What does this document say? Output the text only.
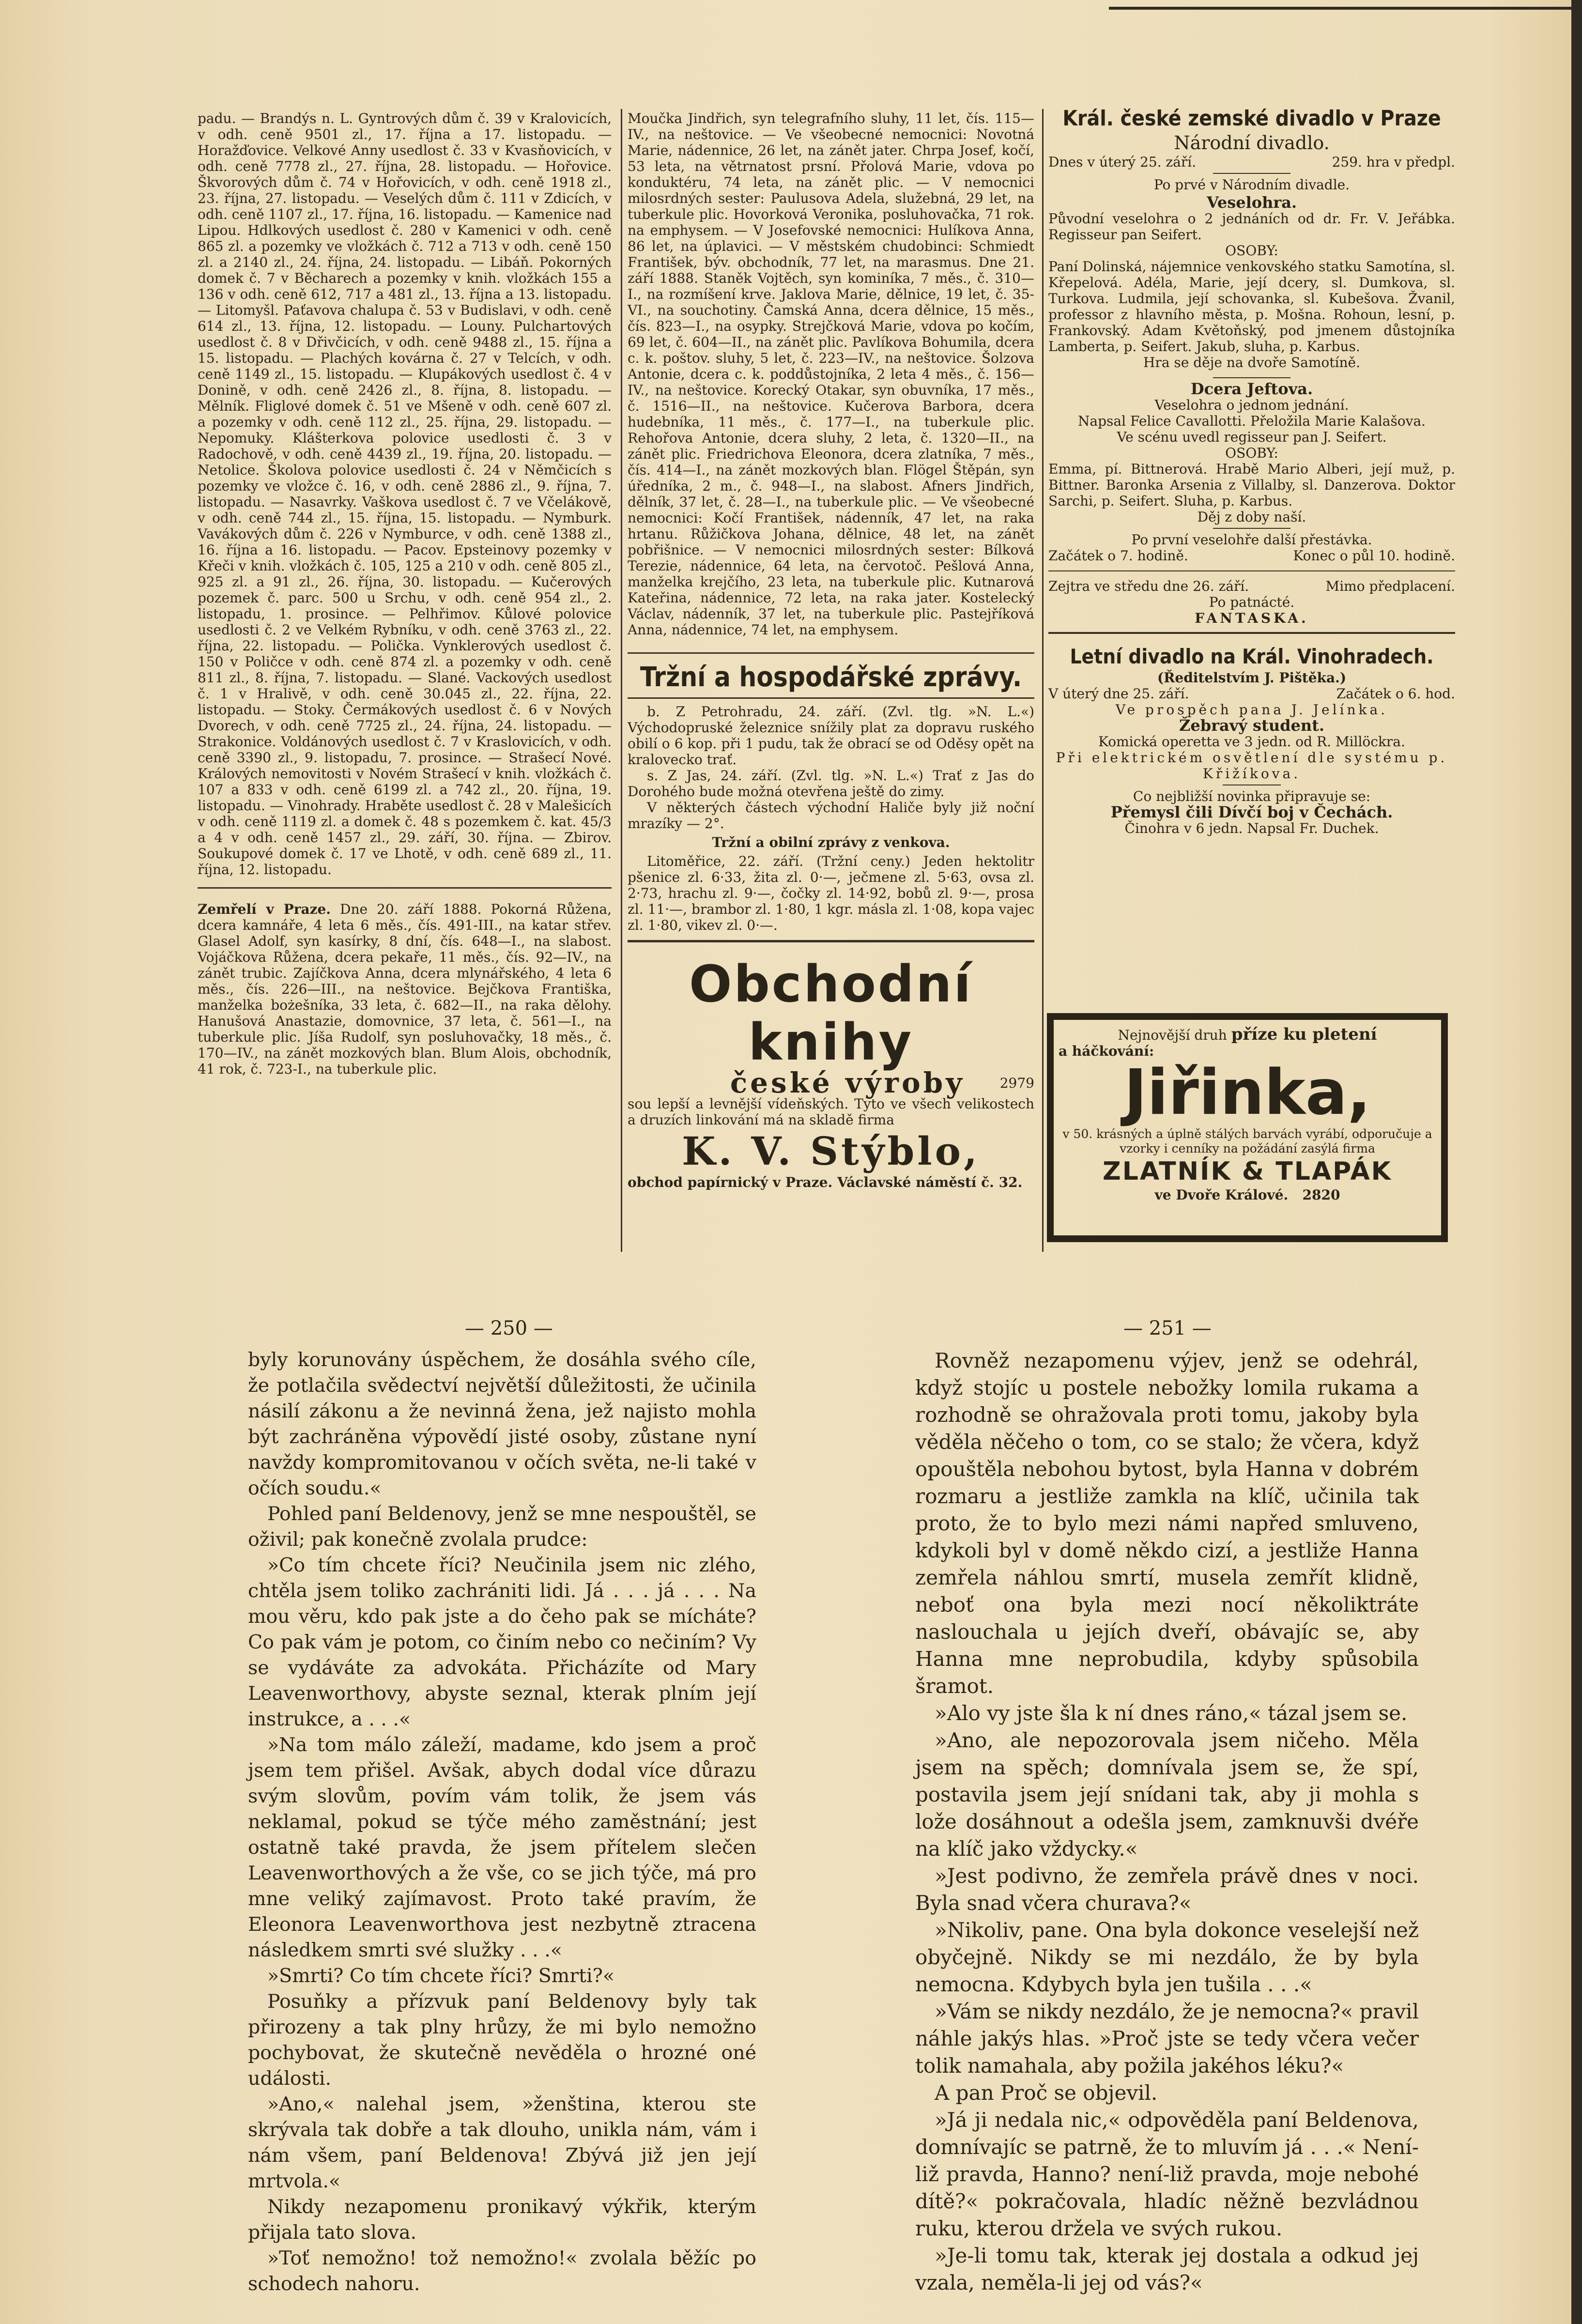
padu. — Brandýs n. L. Gyntrových dům č. 39 v Kralovicích, v odh. ceně 9501 zl., 17. října a 17. listopadu. — Horažďovice. Velkové Anny usedlost č. 33 v Kvasňovicích, v odh. ceně 7778 zl., 27. října, 28. listopadu. — Hořovice. Škvorových dům č. 74 v Hořovicích, v odh. ceně 1918 zl., 23. října, 27. listopadu. — Veselých dům č. 111 v Zdicích, v odh. ceně 1107 zl., 17. října, 16. listopadu. — Kamenice nad Lipou. Hdlkových usedlost č. 280 v Kamenici v odh. ceně 865 zl. a pozemky ve vložkách č. 712 a 713 v odh. ceně 150 zl. a 2140 zl., 24. října, 24. listopadu. — Libáň. Pokorných domek č. 7 v Běcharech a pozemky v knih. vložkách 155 a 136 v odh. ceně 612, 717 a 481 zl., 13. října a 13. listopadu. — Litomyšl. Paťavova chalupa č. 53 v Budislavi, v odh. ceně 614 zl., 13. října, 12. listopadu. — Louny. Pulchartových usedlost č. 8 v Dřivčicích, v odh. ceně 9488 zl., 15. října a 15. listopadu. — Plachých kovárna č. 27 v Telcích, v odh. ceně 1149 zl., 15. listopadu. — Klupákových usedlost č. 4 v Donině, v odh. ceně 2426 zl., 8. října, 8. listopadu. — Mělník. Fliglové domek č. 51 ve Mšeně v odh. ceně 607 zl. a pozemky v odh. ceně 112 zl., 25. října, 29. listopadu. — Nepomuky. Klášterkova polovice usedlosti č. 3 v Radochově, v odh. ceně 4439 zl., 19. října, 20. listopadu. — Netolice. Školova polovice usedlosti č. 24 v Němčicích s pozemky ve vložce č. 16, v odh. ceně 2886 zl., 9. října, 7. listopadu. — Nasavrky. Vaškova usedlost č. 7 ve Včelákově, v odh. ceně 744 zl., 15. října, 15. listopadu. — Nymburk. Vavákových dům č. 226 v Nymburce, v odh. ceně 1388 zl., 16. října a 16. listopadu. — Pacov. Epsteinovy pozemky v Křeči v knih. vložkách č. 105, 125 a 210 v odh. ceně 805 zl., 925 zl. a 91 zl., 26. října, 30. listopadu. — Kučerových pozemek č. parc. 500 u Srchu, v odh. ceně 954 zl., 2. listopadu, 1. prosince. — Pelhřimov. Kůlové polovice usedlosti č. 2 ve Velkém Rybníku, v odh. ceně 3763 zl., 22. října, 22. listopadu. — Polička. Vynklerových usedlost č. 150 v Poličce v odh. ceně 874 zl. a pozemky v odh. ceně 811 zl., 8. října, 7. listopadu. — Slané. Vackových usedlost č. 1 v Hralivě, v odh. ceně 30.045 zl., 22. října, 22. listopadu. — Stoky. Čermákových usedlost č. 6 v Nových Dvorech, v odh. ceně 7725 zl., 24. října, 24. listopadu. — Strakonice. Voldánových usedlost č. 7 v Kraslovicích, v odh. ceně 3390 zl., 9. listopadu, 7. prosince. — Strašecí Nové. Králových nemovitosti v Novém Strašecí v knih. vložkách č. 107 a 833 v odh. ceně 6199 zl. a 742 zl., 20. října, 19. listopadu. — Vinohrady. Hraběte usedlost č. 28 v Malešicích v odh. ceně 1119 zl. a domek č. 48 s pozemkem č. kat. 45/3 a 4 v odh. ceně 1457 zl., 29. září, 30. října. — Zbirov. Soukupové domek č. 17 ve Lhotě, v odh. ceně 689 zl., 11. října, 12. listopadu.
Zemřelí v Praze. Dne 20. září 1888. Pokorná Růžena, dcera kamnáře, 4 leta 6 měs., čís. 491-III., na katar střev. Glasel Adolf, syn kasírky, 8 dní, čís. 648—I., na slabost. Vojáčkova Růžena, dcera pekaře, 11 měs., čís. 92—IV., na zánět trubic. Zajíčkova Anna, dcera mlynářského, 4 leta 6 měs., čís. 226—III., na neštovice. Bejčkova Františka, manželka bożešníka, 33 leta, č. 682—II., na raka dělohy. Hanušová Anastazie, domovnice, 37 leta, č. 561—I., na tuberkule plic. Jíša Rudolf, syn posluhovačky, 18 měs., č. 170—IV., na zánět mozkových blan. Blum Alois, obchodník, 41 rok, č. 723-I., na tuberkule plic.
Moučka Jindřich, syn telegrafního sluhy, 11 let, čís. 115—IV., na neštovice. — Ve všeobecné nemocnici: Novotná Marie, nádennice, 26 let, na zánět jater. Chrpa Josef, kočí, 53 leta, na větrnatost prsní. Přolová Marie, vdova po konduktéru, 74 leta, na zánět plic. — V nemocnici milosrdných sester: Paulusova Adela, služebná, 29 let, na tuberkule plic. Hovorková Veronika, posluhovačka, 71 rok. na emphysem. — V Josefovské nemocnici: Hulíkova Anna, 86 let, na úplavici. — V městském chudobinci: Schmiedt František, býv. obchodník, 77 let, na marasmus. Dne 21. září 1888. Staněk Vojtěch, syn kominíka, 7 měs., č. 310—I., na rozmíšení krve. Jaklova Marie, dělnice, 19 let, č. 35-VI., na souchotiny. Čamská Anna, dcera dělnice, 15 měs., čís. 823—I., na osypky. Strejčková Marie, vdova po kočím, 69 let, č. 604—II., na zánět plic. Pavlíkova Bohumila, dcera c. k. poštov. sluhy, 5 let, č. 223—IV., na neštovice. Šolzova Antonie, dcera c. k. poddůstojníka, 2 leta 4 měs., č. 156—IV., na neštovice. Korecký Otakar, syn obuvníka, 17 měs., č. 1516—II., na neštovice. Kučerova Barbora, dcera hudebníka, 11 měs., č. 177—I., na tuberkule plic. Rehořova Antonie, dcera sluhy, 2 leta, č. 1320—II., na zánět plic. Friedrichova Eleonora, dcera zlatníka, 7 měs., čís. 414—I., na zánět mozkových blan. Flögel Štěpán, syn úředníka, 2 m., č. 948—I., na slabost. Afners Jindřich, dělník, 37 let, č. 28—I., na tuberkule plic. — Ve všeobecné nemocnici: Kočí František, nádenník, 47 let, na raka hrtanu. Růžičkova Johana, dělnice, 48 let, na zánět pobřišnice. — V nemocnici milosrdných sester: Bílková Terezie, nádennice, 64 leta, na červotoč. Pešlová Anna, manželka krejčího, 23 leta, na tuberkule plic. Kutnarová Kateřina, nádennice, 72 leta, na raka jater. Kostelecký Václav, nádenník, 37 let, na tuberkule plic. Pastejříková Anna, nádennice, 74 let, na emphysem.
Tržní a hospodářské zprávy.

b. Z Petrohradu, 24. září. (Zvl. tlg. »N. L.«) Východopruské železnice snížily plat za dopravu ruského obilí o 6 kop. při 1 pudu, tak že obrací se od Oděsy opět na kralovecko trať.

s. Z Jas, 24. září. (Zvl. tlg. »N. L.«) Trať z Jas do Dorohého bude možná otevřena ještě do zimy.

V některých částech východní Haliče byly již noční mrazíky — 2°.

Tržní a obilní zprávy z venkova.

Litoměřice, 22. září. (Tržní ceny.) Jeden hektolitr pšenice zl. 6·33, žita zl. 0·—, ječmene zl. 5·63, ovsa zl. 2·73, hrachu zl. 9·—, čočky zl. 14·92, bobů zl. 9·—, prosa zl. 11·—, brambor zl. 1·80, 1 kgr. másla zl. 1·08, kopa vajec zl. 1·80, vikev zl. 0·—.

Obchodní knihy
české výroby	2979
sou lepší a levnější vídeňských. Tyto ve všech velikostech a druzích linkování má na skladě firma
K. V. Stýblo,
obchod papírnický v Praze. Václavské náměstí č. 32.
Král. české zemské divadlo v Praze
Národní divadlo.
Dnes v úterý 25. září.	259. hra v předpl.
Po prvé v Národním divadle.
Veselohra.
Původní veselohra o 2 jednáních od dr. Fr. V. Jeřábka. Regisseur pan Seifert.
OSOBY:
Paní Dolinská, nájemnice venkovského statku Samotína, sl. Křepelová. Adéla, Marie, její dcery, sl. Dumkova, sl. Turkova. Ludmila, její schovanka, sl. Kubešova. Žvanil, professor z hlavního města, p. Mošna. Rohoun, lesní, p. Frankovský. Adam Květoňský, pod jmenem důstojníka Lamberta, p. Seifert. Jakub, sluha, p. Karbus.
Hra se děje na dvoře Samotíně.
Dcera Jeftova.
Veselohra o jednom jednání.
Napsal Felice Cavallotti. Přeložila Marie Kalašova.
Ve scénu uvedl regisseur pan J. Seifert.
OSOBY:
Emma, pí. Bittnerová. Hrabě Mario Alberi, její muž, p. Bittner. Baronka Arsenia z Villalby, sl. Danzerova. Doktor Sarchi, p. Seifert. Sluha, p. Karbus.
Děj z doby naší.
Po první veselohře další přestávka.
Začátek o 7. hodině.	Konec o půl 10. hodině.
Zejtra ve středu dne 26. září.	Mimo předplacení.
Po patnácté.
FANTASKA.
Letní divadlo na Král. Vinohradech.
(Ředitelstvím J. Pištěka.)
V úterý dne 25. září.	Začátek o 6. hod.
Ve prospěch pana J. Jelínka.
Žebravý student.
Komická operetta ve 3 jedn. od R. Millöckra.
Při elektrickém osvětlení dle systému p. Křižíkova.
Co nejbližší novinka připravuje se:
Přemysl čili Dívčí boj v Čechách.
Činohra v 6 jedn. Napsal Fr. Duchek.
Nejnovější druh příze ku pletení
a háčkování:
Jiřinka,
v 50. krásných a úplně stálých barvách vyrábí, odporučuje a vzorky i cenníky na požádání zasýlá firma
ZLATNÍK & TLAPÁK
ve Dvoře Králové. 2820
— 250 —	— 251 —

byly korunovány úspěchem, že dosáhla svého cíle, že potlačila svědectví největší důležitosti, že učinila násilí zákonu a že nevinná žena, jež najisto mohla být zachráněna výpovědí jisté osoby, zůstane nyní navždy kompromitovanou v očích světa, ne-li také v očích soudu.«

Pohled paní Beldenovy, jenž se mne nespouštěl, se oživil; pak konečně zvolala prudce:

»Co tím chcete říci? Neučinila jsem nic zlého, chtěla jsem toliko zachrániti lidi. Já . . . já . . . Na mou věru, kdo pak jste a do čeho pak se mícháte? Co pak vám je potom, co činím nebo co nečiním? Vy se vydáváte za advokáta. Přicházíte od Mary Leavenworthovy, abyste seznal, kterak plním její instrukce, a . . .«

»Na tom málo záleží, madame, kdo jsem a proč jsem tem přišel. Avšak, abych dodal více důrazu svým slovům, povím vám tolik, že jsem vás neklamal, pokud se týče mého zaměstnání; jest ostatně také pravda, že jsem přítelem slečen Leavenworthových a že vše, co se jich týče, má pro mne veliký zajímavost. Proto také pravím, že Eleonora Leavenworthova jest nezbytně ztracena následkem smrti své služky . . .«

»Smrti? Co tím chcete říci? Smrti?«

Posuňky a přízvuk paní Beldenovy byly tak přirozeny a tak plny hrůzy, že mi bylo nemožno pochybovat, že skutečně nevěděla o hrozné oné události.

»Ano,« nalehal jsem, »ženština, kterou ste skrývala tak dobře a tak dlouho, unikla nám, vám i nám všem, paní Beldenova! Zbývá již jen její mrtvola.«

Nikdy nezapomenu pronikavý výkřik, kterým přijala tato slova.

»Toť nemožno! tož nemožno!« zvolala běžíc po schodech nahoru.

Rovněž nezapomenu výjev, jenž se odehrál, když stojíc u postele nebožky lomila rukama a rozhodně se ohražovala proti tomu, jakoby byla věděla něčeho o tom, co se stalo; že včera, když opouštěla nebohou bytost, byla Hanna v dobrém rozmaru a jestliže zamkla na klíč, učinila tak proto, že to bylo mezi námi napřed smluveno, kdykoli byl v domě někdo cizí, a jestliže Hanna zemřela náhlou smrtí, musela zemřít klidně, neboť ona byla mezi nocí několiktráte naslouchala u jejích dveří, obávajíc se, aby Hanna mne neprobudila, kdyby spůsobila šramot.

»Alo vy jste šla k ní dnes ráno,« tázal jsem se.

»Ano, ale nepozorovala jsem ničeho. Měla jsem na spěch; domnívala jsem se, že spí, postavila jsem její snídani tak, aby ji mohla s lože dosáhnout a odešla jsem, zamknuvši dvéře na klíč jako vždycky.«

»Jest podivno, že zemřela právě dnes v noci. Byla snad včera churava?«

»Nikoliv, pane. Ona byla dokonce veselejší než obyčejně. Nikdy se mi nezdálo, že by byla nemocna. Kdybych byla jen tušila . . .«

»Vám se nikdy nezdálo, že je nemocna?« pravil náhle jakýs hlas. »Proč jste se tedy včera večer tolik namahala, aby požila jakéhos léku?«

A pan Proč se objevil.

»Já ji nedala nic,« odpověděla paní Beldenova, domnívajíc se patrně, že to mluvím já . . .« Není-liž pravda, Hanno? není-liž pravda, moje nebohé dítě?« pokračovala, hladíc něžně bezvládnou ruku, kterou držela ve svých rukou.

»Je-li tomu tak, kterak jej dostala a odkud jej vzala, neměla-li jej od vás?«
